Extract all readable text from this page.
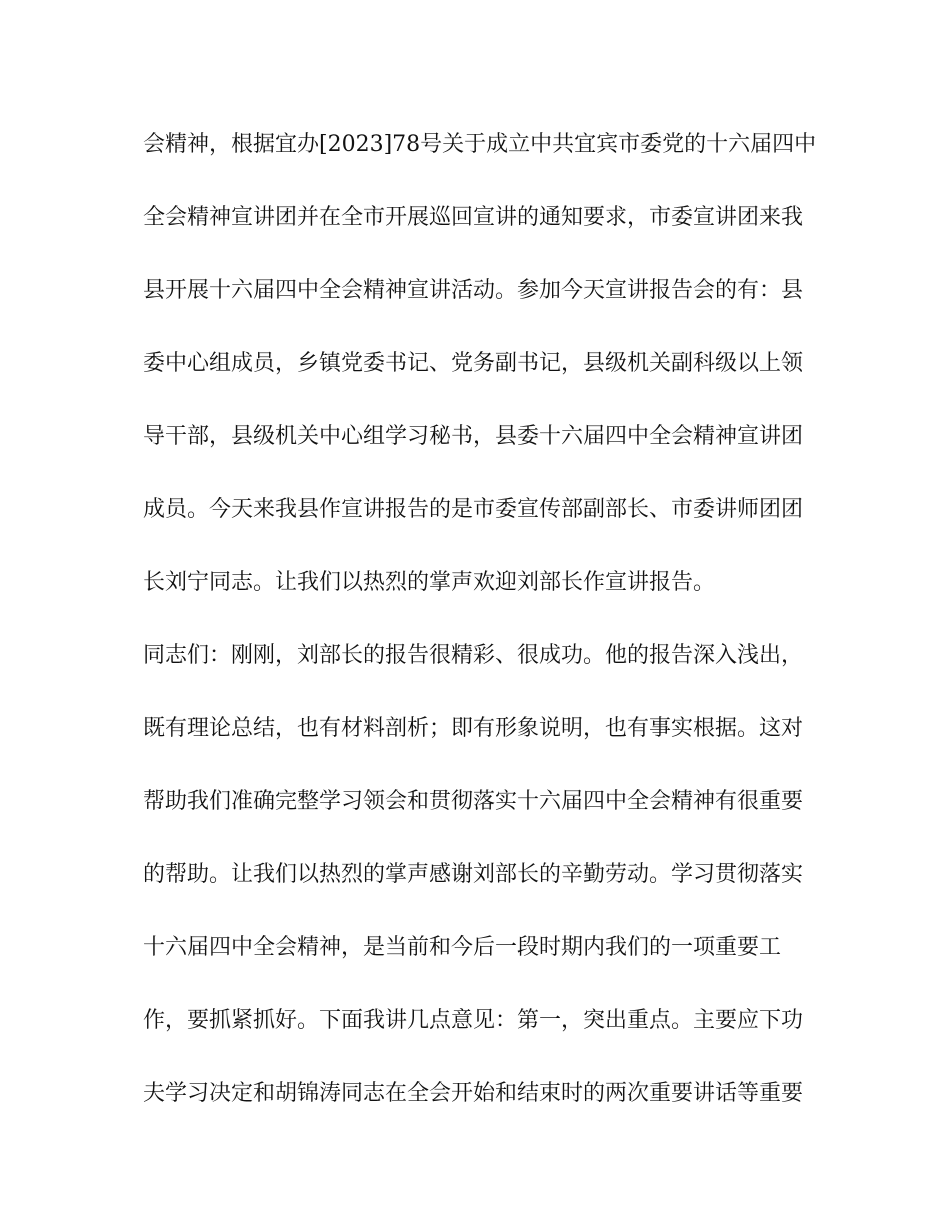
会精神，根据宜办[2023]78号关于成立中共宜宾市委党的十六届四中
全会精神宣讲团并在全市开展巡回宣讲的通知要求，市委宣讲团来我
县开展十六届四中全会精神宣讲活动。参加今天宣讲报告会的有：县
委中心组成员，乡镇党委书记、党务副书记，县级机关副科级以上领
导干部，县级机关中心组学习秘书，县委十六届四中全会精神宣讲团
成员。今天来我县作宣讲报告的是市委宣传部副部长、市委讲师团团
长刘宁同志。让我们以热烈的掌声欢迎刘部长作宣讲报告。
同志们：刚刚，刘部长的报告很精彩、很成功。他的报告深入浅出，
既有理论总结，也有材料剖析；即有形象说明，也有事实根据。这对
帮助我们准确完整学习领会和贯彻落实十六届四中全会精神有很重要
的帮助。让我们以热烈的掌声感谢刘部长的辛勤劳动。学习贯彻落实
十六届四中全会精神，是当前和今后一段时期内我们的一项重要工
作，要抓紧抓好。下面我讲几点意见：第一，突出重点。主要应下功
夫学习决定和胡锦涛同志在全会开始和结束时的两次重要讲话等重要
